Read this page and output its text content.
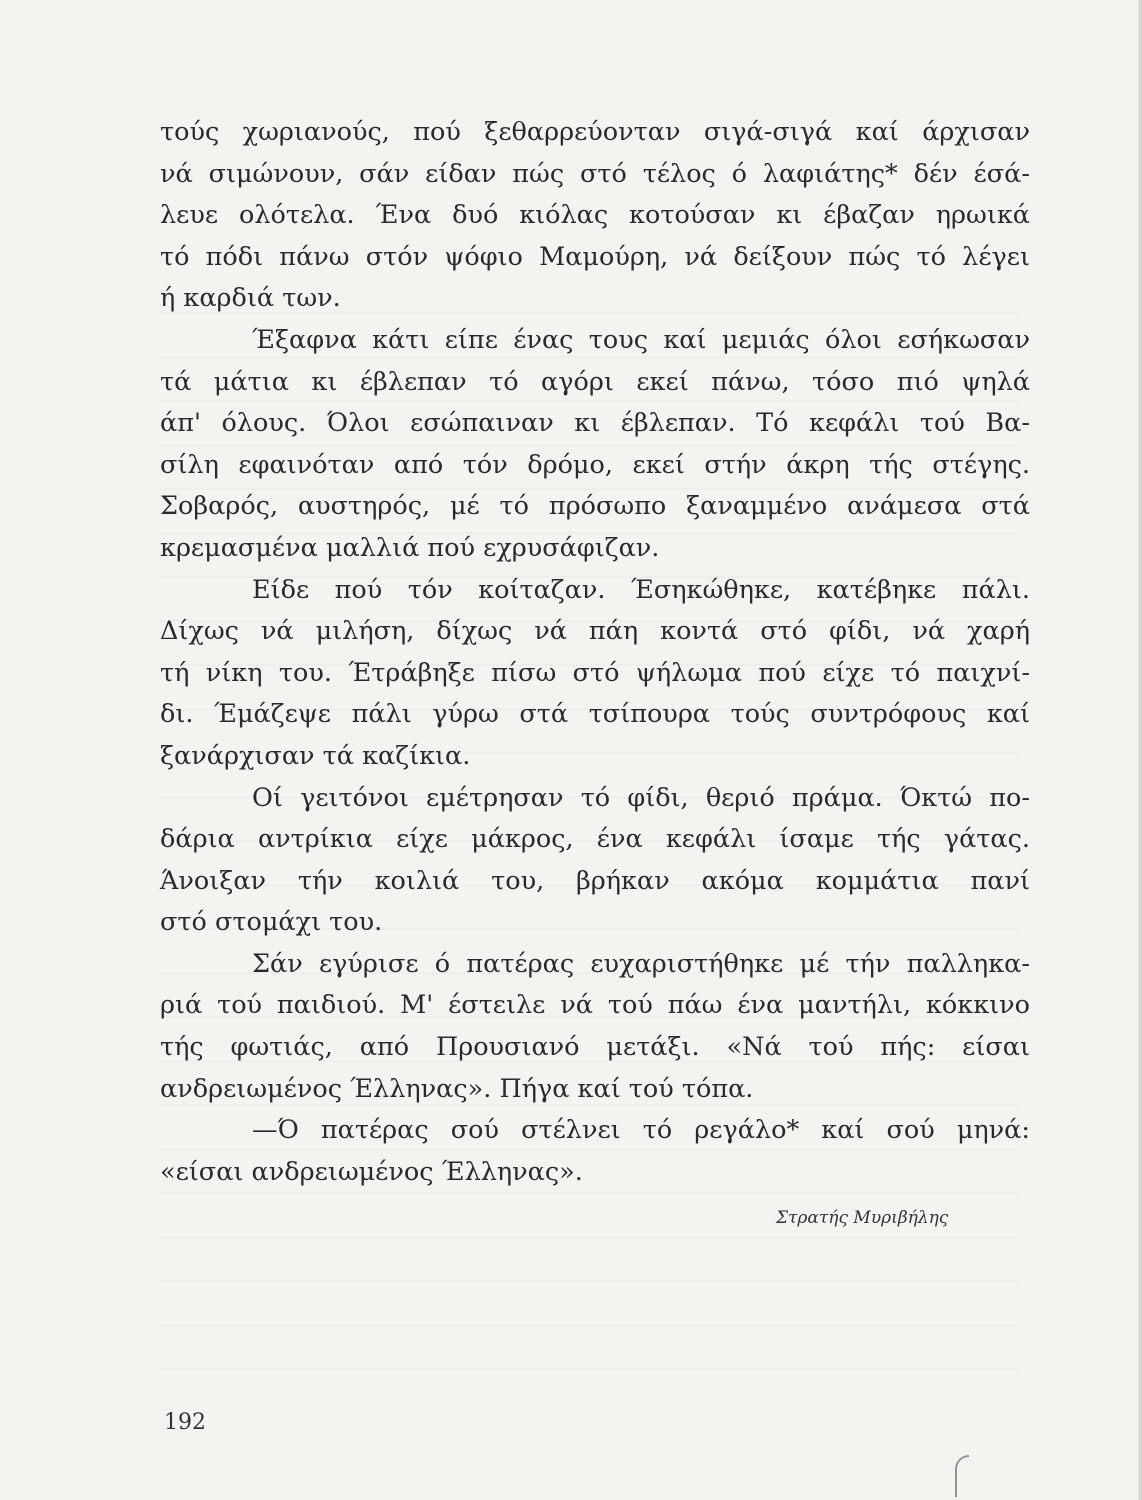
τούς χωριανούς, πού ξεθαρρεύονταν σιγά-σιγά καί άρχισαν
νά σιμώνουν, σάν είδαν πώς στό τέλος ό λαφιάτης* δέν έσά-
λευε ολότελα. Ένα δυό κιόλας κοτούσαν κι έβαζαν ηρωικά
τό πόδι πάνω στόν ψόφιο Μαμούρη, νά δείξουν πώς τό λέγει
ή καρδιά των.
Έξαφνα κάτι είπε ένας τους καί μεμιάς όλοι εσήκωσαν
τά μάτια κι έβλεπαν τό αγόρι εκεί πάνω, τόσο πιό ψηλά
άπ' όλους. Όλοι εσώπαιναν κι έβλεπαν. Τό κεφάλι τού Βα-
σίλη εφαινόταν από τόν δρόμο, εκεί στήν άκρη τής στέγης.
Σοβαρός, αυστηρός, μέ τό πρόσωπο ξαναμμένο ανάμεσα στά
κρεμασμένα μαλλιά πού εχρυσάφιζαν.
Είδε πού τόν κοίταζαν. Έσηκώθηκε, κατέβηκε πάλι.
Δίχως νά μιλήση, δίχως νά πάη κοντά στό φίδι, νά χαρή
τή νίκη του. Έτράβηξε πίσω στό ψήλωμα πού είχε τό παιχνί-
δι. Έμάζεψε πάλι γύρω στά τσίπουρα τούς συντρόφους καί
ξανάρχισαν τά καζίκια.
Οί γειτόνοι εμέτρησαν τό φίδι, θεριό πράμα. Όκτώ πο-
δάρια αντρίκια είχε μάκρος, ένα κεφάλι ίσαμε τής γάτας.
Άνοιξαν τήν κοιλιά του, βρήκαν ακόμα κομμάτια πανί
στό στομάχι του.
Σάν εγύρισε ό πατέρας ευχαριστήθηκε μέ τήν παλληκα-
ριά τού παιδιού. Μ' έστειλε νά τού πάω ένα μαντήλι, κόκκινο
τής φωτιάς, από Προυσιανό μετάξι. «Νά τού πής: είσαι
ανδρειωμένος Έλληνας». Πήγα καί τού τόπα.
—Ό πατέρας σού στέλνει τό ρεγάλο* καί σού μηνά:
«είσαι ανδρειωμένος Έλληνας».
Στρατής Μυριβήλης
192
